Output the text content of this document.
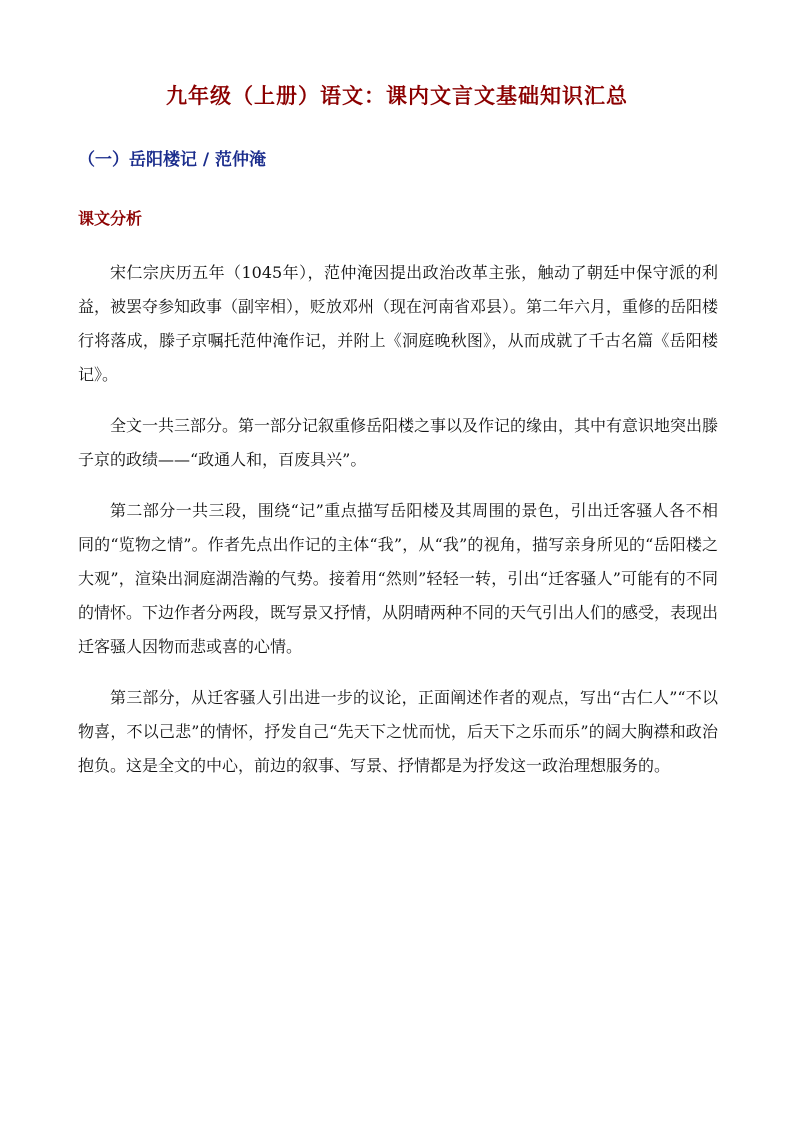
九年级（上册）语文：课内文言文基础知识汇总
（一）岳阳楼记 / 范仲淹
课文分析

宋仁宗庆历五年（1045年），范仲淹因提出政治改革主张，触动了朝廷中保守派的利益，被罢夺参知政事（副宰相），贬放邓州（现在河南省邓县）。第二年六月，重修的岳阳楼行将落成，滕子京嘱托范仲淹作记，并附上《洞庭晚秋图》，从而成就了千古名篇《岳阳楼记》。

全文一共三部分。第一部分记叙重修岳阳楼之事以及作记的缘由，其中有意识地突出滕子京的政绩——“政通人和，百废具兴”。

第二部分一共三段，围绕“记”重点描写岳阳楼及其周围的景色，引出迁客骚人各不相同的“览物之情”。作者先点出作记的主体“我”，从“我”的视角，描写亲身所见的“岳阳楼之大观”，渲染出洞庭湖浩瀚的气势。接着用“然则”轻轻一转，引出“迁客骚人”可能有的不同的情怀。下边作者分两段，既写景又抒情，从阴晴两种不同的天气引出人们的感受，表现出迁客骚人因物而悲或喜的心情。

第三部分，从迁客骚人引出进一步的议论，正面阐述作者的观点，写出“古仁人”“不以物喜，不以己悲”的情怀，抒发自己“先天下之忧而忧，后天下之乐而乐”的阔大胸襟和政治抱负。这是全文的中心，前边的叙事、写景、抒情都是为抒发这一政治理想服务的。
